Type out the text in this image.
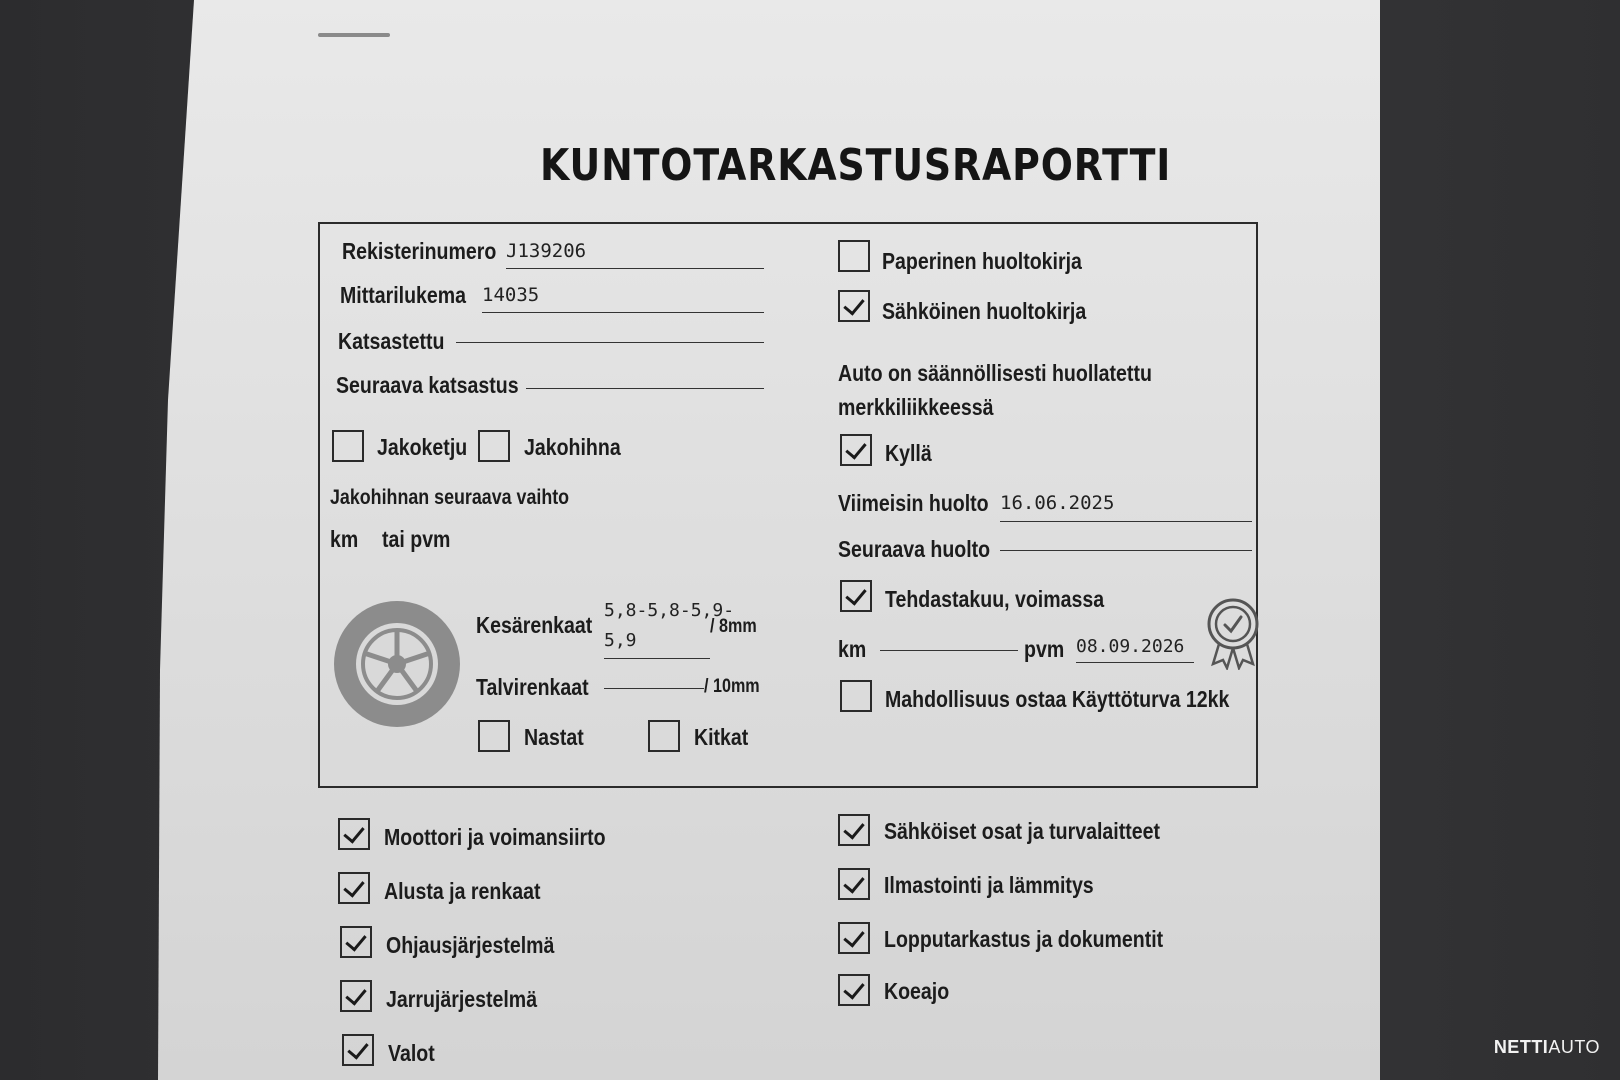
KUNTOTARKASTUSRAPORTTI
Rekisterinumero J139206
Mittarilukema 14035
Katsastettu
Seuraava katsastus
Jakoketju Jakohihna
Jakohihnan seuraava vaihto
km tai pvm
Kesärenkaat
5,8-5,8-5,9-
5,9
/ 8mm
Talvirenkaat	/ 10mm
Nastat	Kitkat
Paperinen huoltokirja
Sähköinen huoltokirja
Auto on säännöllisesti huollatettu
merkkiliikkeessä
Kyllä
Viimeisin huolto 16.06.2025
Seuraava huolto
Tehdastakuu, voimassa
km	pvm 08.09.2026
Mahdollisuus ostaa Käyttöturva 12kk
Moottori ja voimansiirto
Alusta ja renkaat
Ohjausjärjestelmä
Jarrujärjestelmä
Valot
Sähköiset osat ja turvalaitteet
Ilmastointi ja lämmitys
Lopputarkastus ja dokumentit
Koeajo
NETTIAUTO
